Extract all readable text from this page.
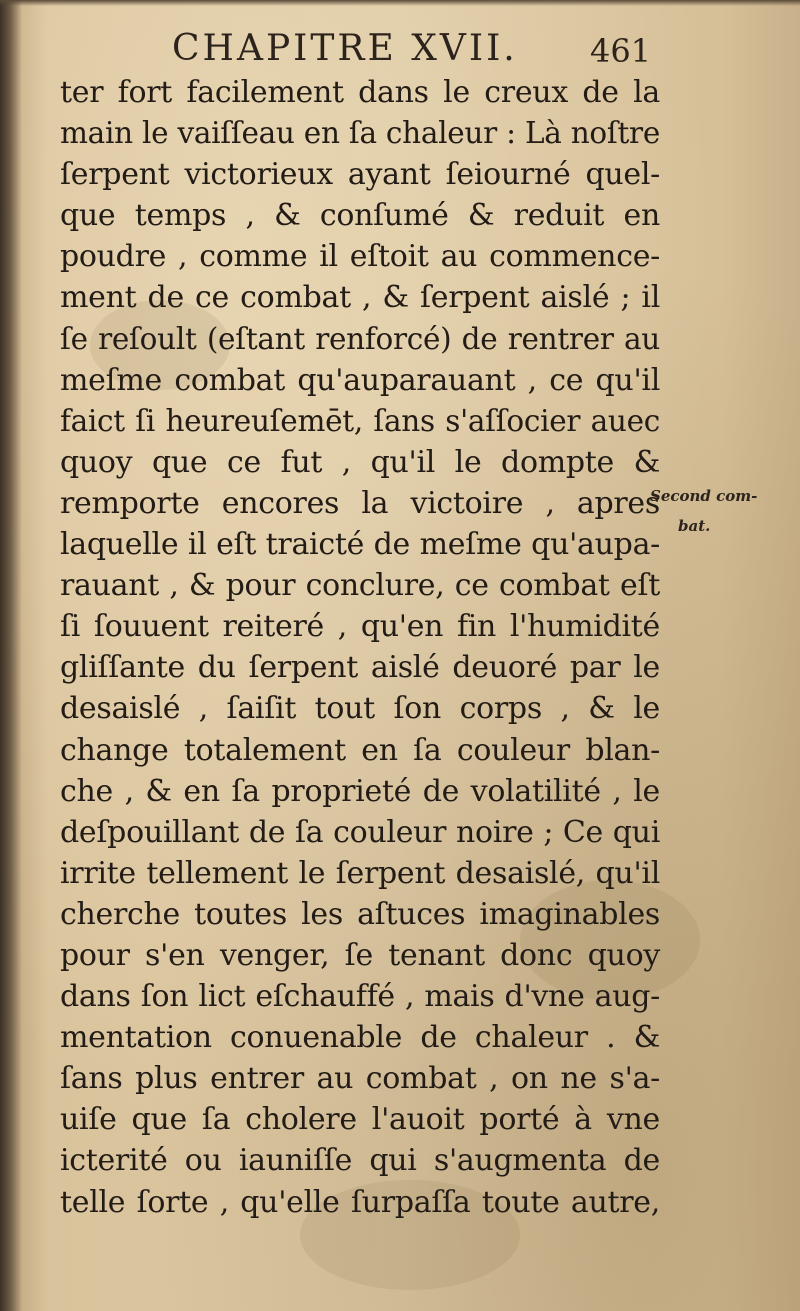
CHAPITRE XVII. 461
ter fort facilement dans le creux de la
main le vaiſſeau en ſa chaleur : Là noſtre
ſerpent victorieux ayant ſeiourné quel-
que temps , & conſumé & reduit en
poudre , comme il eſtoit au commence-
ment de ce combat , & ſerpent aislé ; il
ſe reſoult (eſtant renforcé) de rentrer au
meſme combat qu'auparauant , ce qu'il
faict ſi heureuſemēt, ſans s'aſſocier auec
quoy que ce fut , qu'il le dompte &
remporte encores la victoire , apres
laquelle il eſt traicté de meſme qu'aupa-
rauant , & pour conclure, ce combat eſt
ſi ſouuent reiteré , qu'en fin l'humidité
gliſſante du ſerpent aislé deuoré par le
desaislé , ſaiſit tout ſon corps , & le
change totalement en ſa couleur blan-
che , & en ſa proprieté de volatilité , le
deſpouillant de ſa couleur noire ; Ce qui
irrite tellement le ſerpent desaislé, qu'il
cherche toutes les aſtuces imaginables
pour s'en venger, ſe tenant donc quoy
dans ſon lict eſchauffé , mais d'vne aug-
mentation conuenable de chaleur . &
ſans plus entrer au combat , on ne s'a-
uiſe que ſa cholere l'auoit porté à vne
icterité ou iauniſſe qui s'augmenta de
telle ſorte , qu'elle ſurpaſſa toute autre,
Second com-
bat.
